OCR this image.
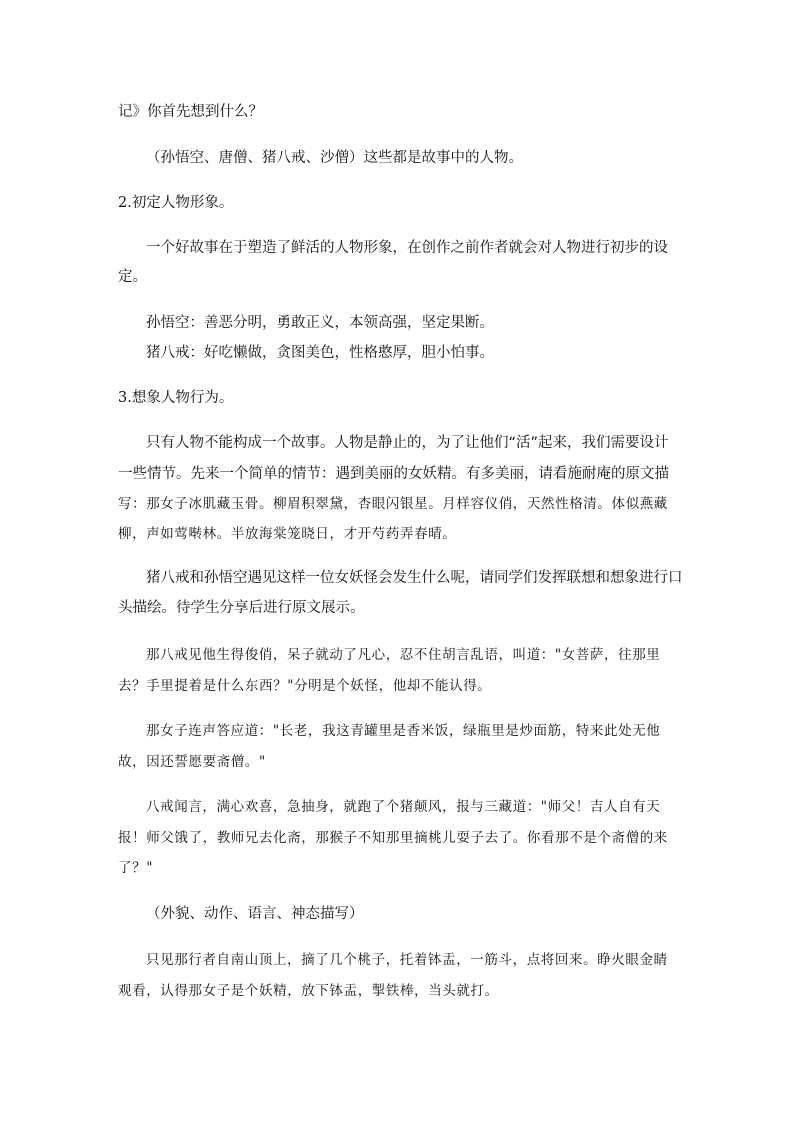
记》你首先想到什么？
（孙悟空、唐僧、猪八戒、沙僧）这些都是故事中的人物。
2.初定人物形象。
一个好故事在于塑造了鲜活的人物形象，在创作之前作者就会对人物进行初步的设
定。
孙悟空：善恶分明，勇敢正义，本领高强，坚定果断。
猪八戒：好吃懒做，贪图美色，性格憨厚，胆小怕事。
3.想象人物行为。
只有人物不能构成一个故事。人物是静止的，为了让他们“活”起来，我们需要设计
一些情节。先来一个简单的情节：遇到美丽的女妖精。有多美丽，请看施耐庵的原文描
写：那女子冰肌藏玉骨。柳眉积翠黛，杏眼闪银星。月样容仪俏，天然性格清。体似燕藏
柳，声如莺啭林。半放海棠笼晓日，才开芍药弄春晴。
猪八戒和孙悟空遇见这样一位女妖怪会发生什么呢，请同学们发挥联想和想象进行口
头描绘。待学生分享后进行原文展示。
那八戒见他生得俊俏，呆子就动了凡心，忍不住胡言乱语，叫道："女菩萨，往那里
去？手里提着是什么东西？"分明是个妖怪，他却不能认得。
那女子连声答应道："长老，我这青罐里是香米饭，绿瓶里是炒面筋，特来此处无他
故，因还誓愿要斋僧。"
八戒闻言，满心欢喜，急抽身，就跑了个猪颠风，报与三藏道："师父！吉人自有天
报！师父饿了，教师兄去化斋，那猴子不知那里摘桃儿耍子去了。你看那不是个斋僧的来
了？"
（外貌、动作、语言、神态描写）
只见那行者自南山顶上，摘了几个桃子，托着钵盂，一筋斗，点将回来。睁火眼金睛
观看，认得那女子是个妖精，放下钵盂，掣铁棒，当头就打。
